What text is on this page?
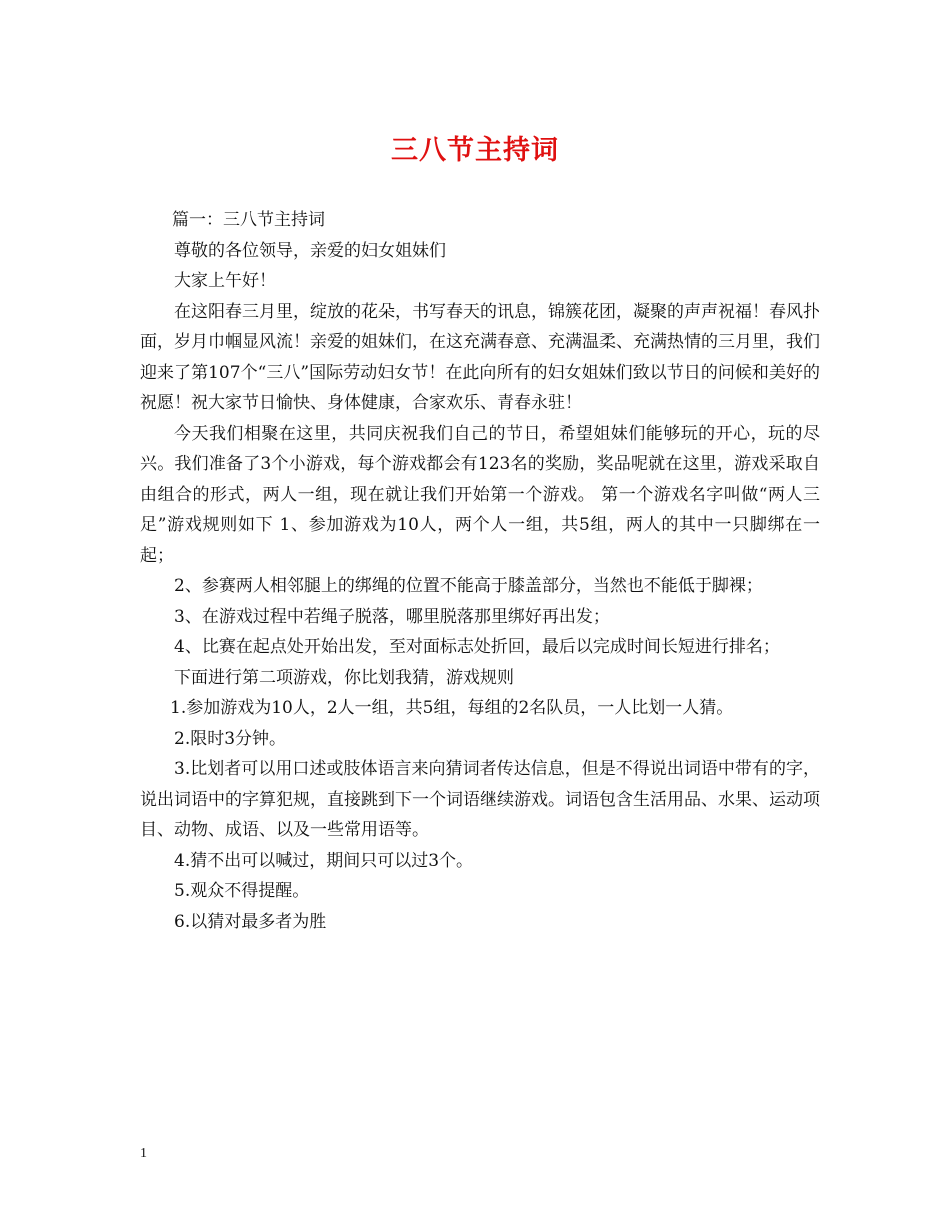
三八节主持词

篇一：三八节主持词

尊敬的各位领导，亲爱的妇女姐妹们

大家上午好！

在这阳春三月里，绽放的花朵，书写春天的讯息，锦簇花团，凝聚的声声祝福！春风扑面，岁月巾帼显风流！亲爱的姐妹们，在这充满春意、充满温柔、充满热情的三月里，我们迎来了第107个“三八”国际劳动妇女节！在此向所有的妇女姐妹们致以节日的问候和美好的祝愿！祝大家节日愉快、身体健康，合家欢乐、青春永驻！

今天我们相聚在这里，共同庆祝我们自己的节日，希望姐妹们能够玩的开心，玩的尽兴。我们准备了3个小游戏，每个游戏都会有123名的奖励，奖品呢就在这里，游戏采取自由组合的形式，两人一组，现在就让我们开始第一个游戏。 第一个游戏名字叫做“两人三足”游戏规则如下 1、参加游戏为10人，两个人一组，共5组，两人的其中一只脚绑在一起；

2、参赛两人相邻腿上的绑绳的位置不能高于膝盖部分，当然也不能低于脚裸；

3、在游戏过程中若绳子脱落，哪里脱落那里绑好再出发；

4、比赛在起点处开始出发，至对面标志处折回，最后以完成时间长短进行排名；

下面进行第二项游戏，你比划我猜，游戏规则

1.参加游戏为10人，2人一组，共5组，每组的2名队员，一人比划一人猜。

2.限时3分钟。

3.比划者可以用口述或肢体语言来向猜词者传达信息，但是不得说出词语中带有的字，说出词语中的字算犯规，直接跳到下一个词语继续游戏。词语包含生活用品、水果、运动项目、动物、成语、以及一些常用语等。

4.猜不出可以喊过，期间只可以过3个。

5.观众不得提醒。

6.以猜对最多者为胜

1
